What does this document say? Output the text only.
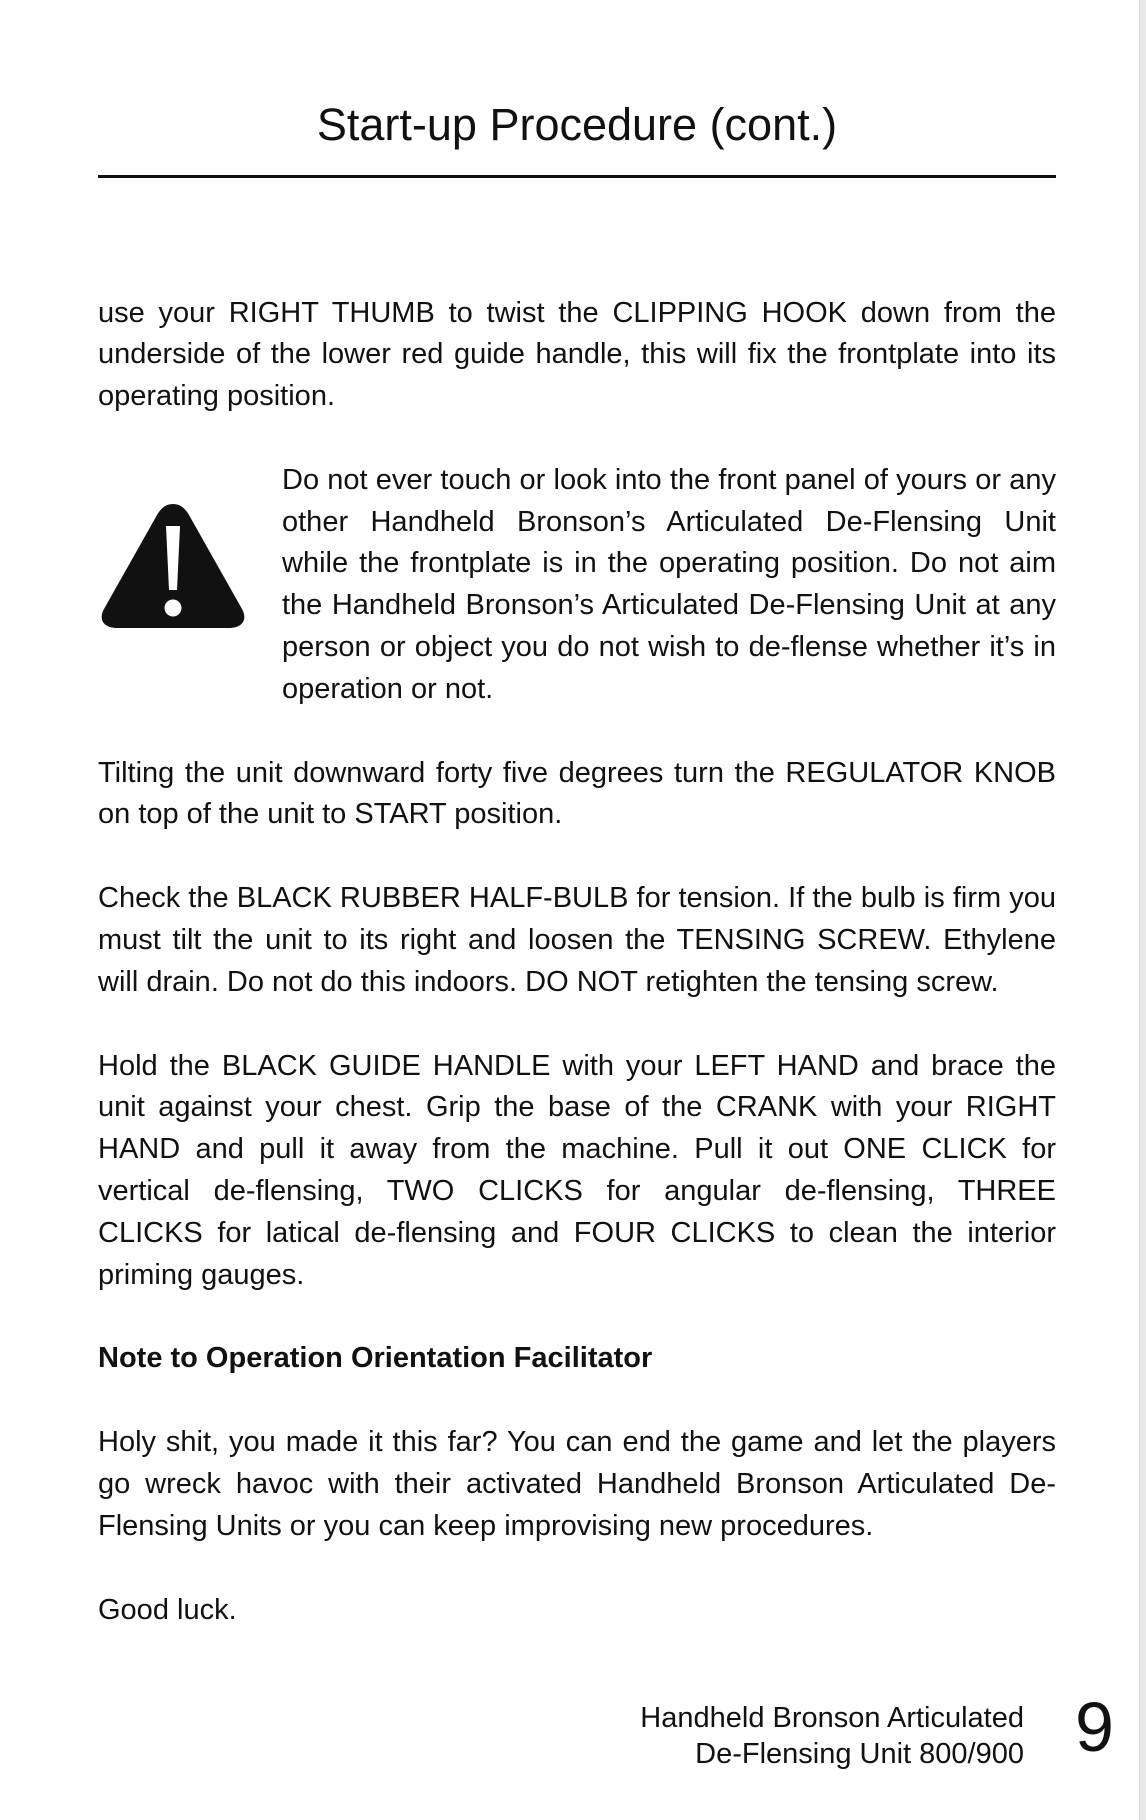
Start-up Procedure (cont.)

use your RIGHT THUMB to twist the CLIPPING HOOK down from the underside of the lower red guide handle, this will fix the frontplate into its operating position.

Do not ever touch or look into the front panel of yours or any other Handheld Bronson’s Articulated De-Flensing Unit while the frontplate is in the operating position. Do not aim the Handheld Bronson’s Articulated De-Flensing Unit at any person or object you do not wish to de-flense whether it’s in operation or not.

Tilting the unit downward forty five degrees turn the REGULATOR KNOB on top of the unit to START position.

Check the BLACK RUBBER HALF-BULB for tension. If the bulb is firm you must tilt the unit to its right and loosen the TENSING SCREW. Ethylene will drain. Do not do this indoors. DO NOT retighten the tensing screw.

Hold the BLACK GUIDE HANDLE with your LEFT HAND and brace the unit against your chest. Grip the base of the CRANK with your RIGHT HAND and pull it away from the machine. Pull it out ONE CLICK for vertical de-flensing, TWO CLICKS for angular de-flensing, THREE CLICKS for latical de-flensing and FOUR CLICKS to clean the interior priming gauges.

Note to Operation Orientation Facilitator

Holy shit, you made it this far? You can end the game and let the players go wreck havoc with their activated Handheld Bronson Articulated De-Flensing Units or you can keep improvising new procedures.

Good luck.

Handheld Bronson Articulated
De-Flensing Unit 800/900 9
